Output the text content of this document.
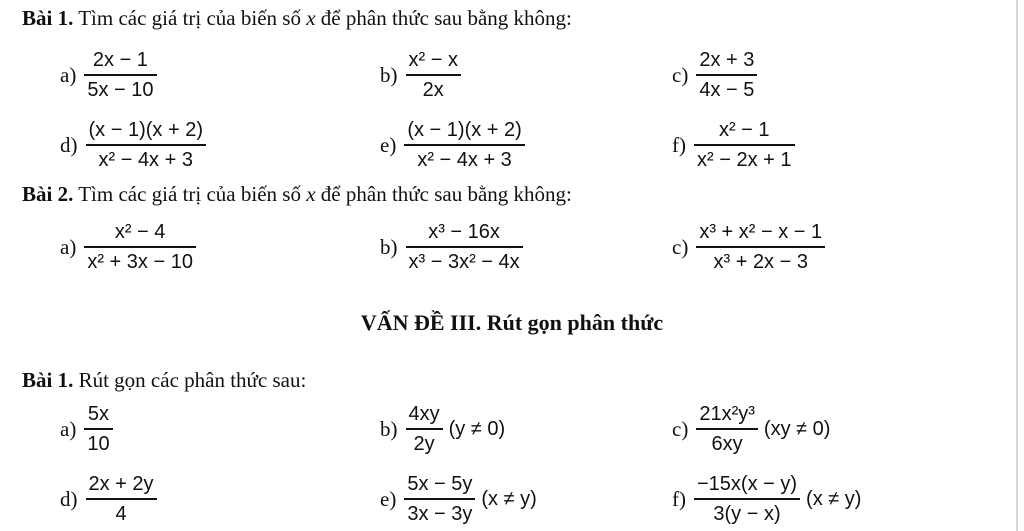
Bài 1. Tìm các giá trị của biến số x để phân thức sau bằng không:
$a) \frac{2x - 1}{5x - 10}$	$b) \frac{\text{x² − x}}{2x}$	$c) \frac{2x + 3}{4x - 5}$
$d) \frac{(x - 1)(x + 2)}{\text{x² − 4x + 3}}$	$e) \frac{(x - 1)(x + 2)}{\text{x² − 4x + 3}}$	$f) \frac{\text{x² − 1}}{\text{x² − 2x + 1}}$
Bài 2. Tìm các giá trị của biến số x để phân thức sau bằng không:
$a) \frac{\text{x² − 4}}{\text{x² + 3x − 10}}$	$b) \frac{\text{x³ − 16x}}{\text{x³ − 3x² − 4x}}$	$c) \frac{\text{x³ + x² − x − 1}}{\text{x³ + 2x − 3}}$
VẤN ĐỀ III. Rút gọn phân thức
Bài 1. Rút gọn các phân thức sau:
$a) \frac{5x}{10}$	$b) \frac{4xy}{2y} (y \ne 0)$	$c) \frac{\text{21x²y³}}{6xy} (xy \ne 0)$
$d) \frac{2x + 2y}{4}$	$e) \frac{5x - 5y}{3x - 3y} (x \ne y)$	$f) \frac{-15x(x - y)}{3(y - x)} (x \ne y)$
